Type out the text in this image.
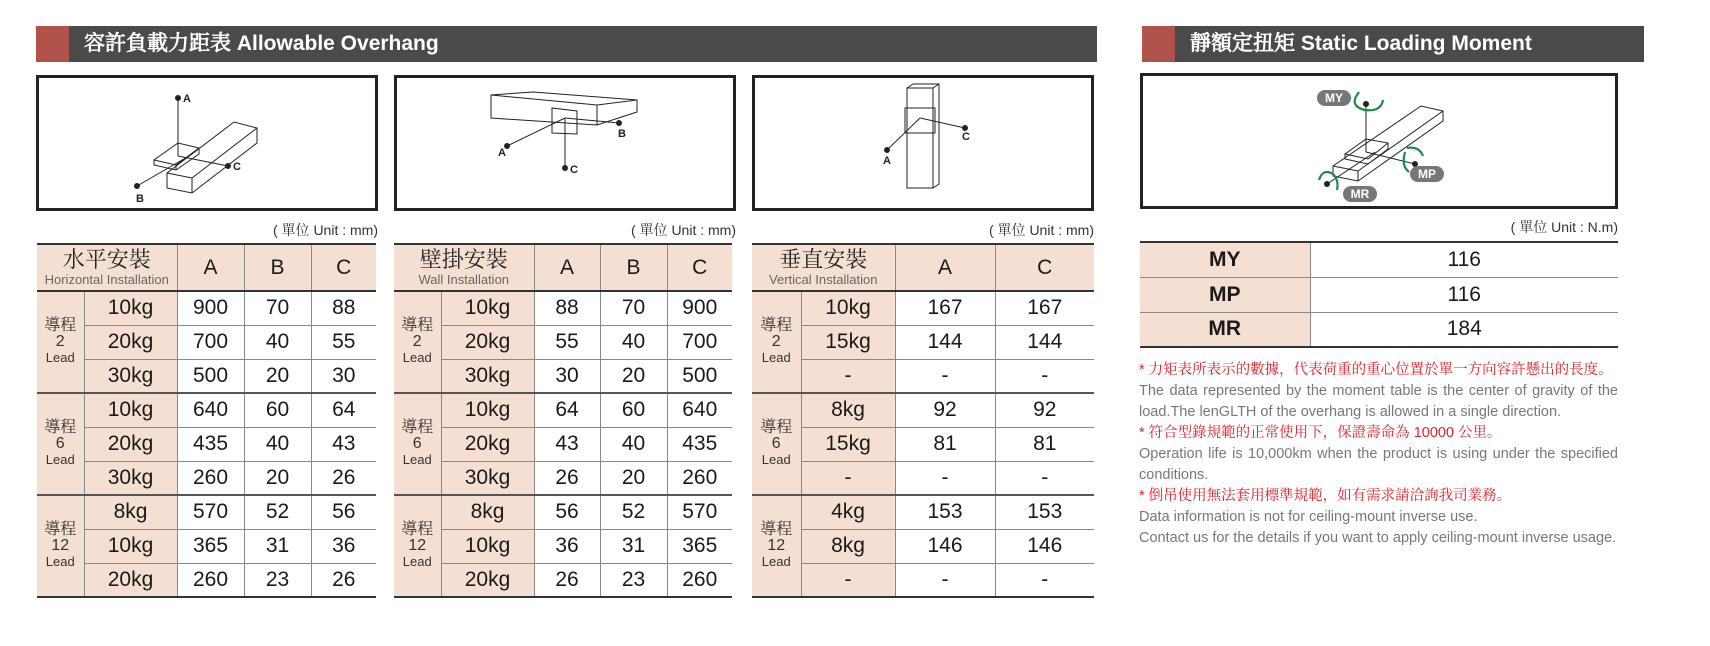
容許負載力距表 Allowable Overhang	靜額定扭矩 Static Loading Moment
A
B
C
A
B
C
A
C
MY
MP
MR
( 單位 Unit : mm)	( 單位 Unit : mm)	( 單位 Unit : mm)	( 單位 Unit : N.m)
水平安裝
Horizontal Installation		A	B	C

導程
2
Lead	10kg	900	70	88
	20kg	700	40	55
	30kg	500	20	30

導程
6
Lead	10kg	640	60	64
	20kg	435	40	43
	30kg	260	20	26

導程
12
Lead	8kg	570	52	56
	10kg	365	31	36
	20kg	260	23	26
壁掛安裝
Wall Installation		A	B	C

導程
2
Lead	10kg	88	70	900
	20kg	55	40	700
	30kg	30	20	500

導程
6
Lead	10kg	64	60	640
	20kg	43	40	435
	30kg	26	20	260

導程
12
Lead	8kg	56	52	570
	10kg	36	31	365
	20kg	26	23	260
垂直安裝
Vertical Installation		A	C

導程
2
Lead	10kg	167	167
	15kg	144	144
	-	-	-

導程
6
Lead	8kg	92	92
	15kg	81	81
	-	-	-

導程
12
Lead	4kg	153	153
	8kg	146	146
	-	-	-
MY	116
MP	116
MR	184
* 力矩表所表示的數據，代表荷重的重心位置於單一方向容許懸出的長度。
The data represented by the moment table is the center of gravity of the load.The lenGLTH of the overhang is allowed in a single direction.
* 符合型錄規範的正常使用下，保證壽命為 10000 公里。
Operation life is 10,000km when the product is using under the specified conditions.
* 倒吊使用無法套用標準規範，如有需求請洽詢我司業務。
Data information is not for ceiling-mount inverse use.
Contact us for the details if you want to apply ceiling-mount inverse usage.
